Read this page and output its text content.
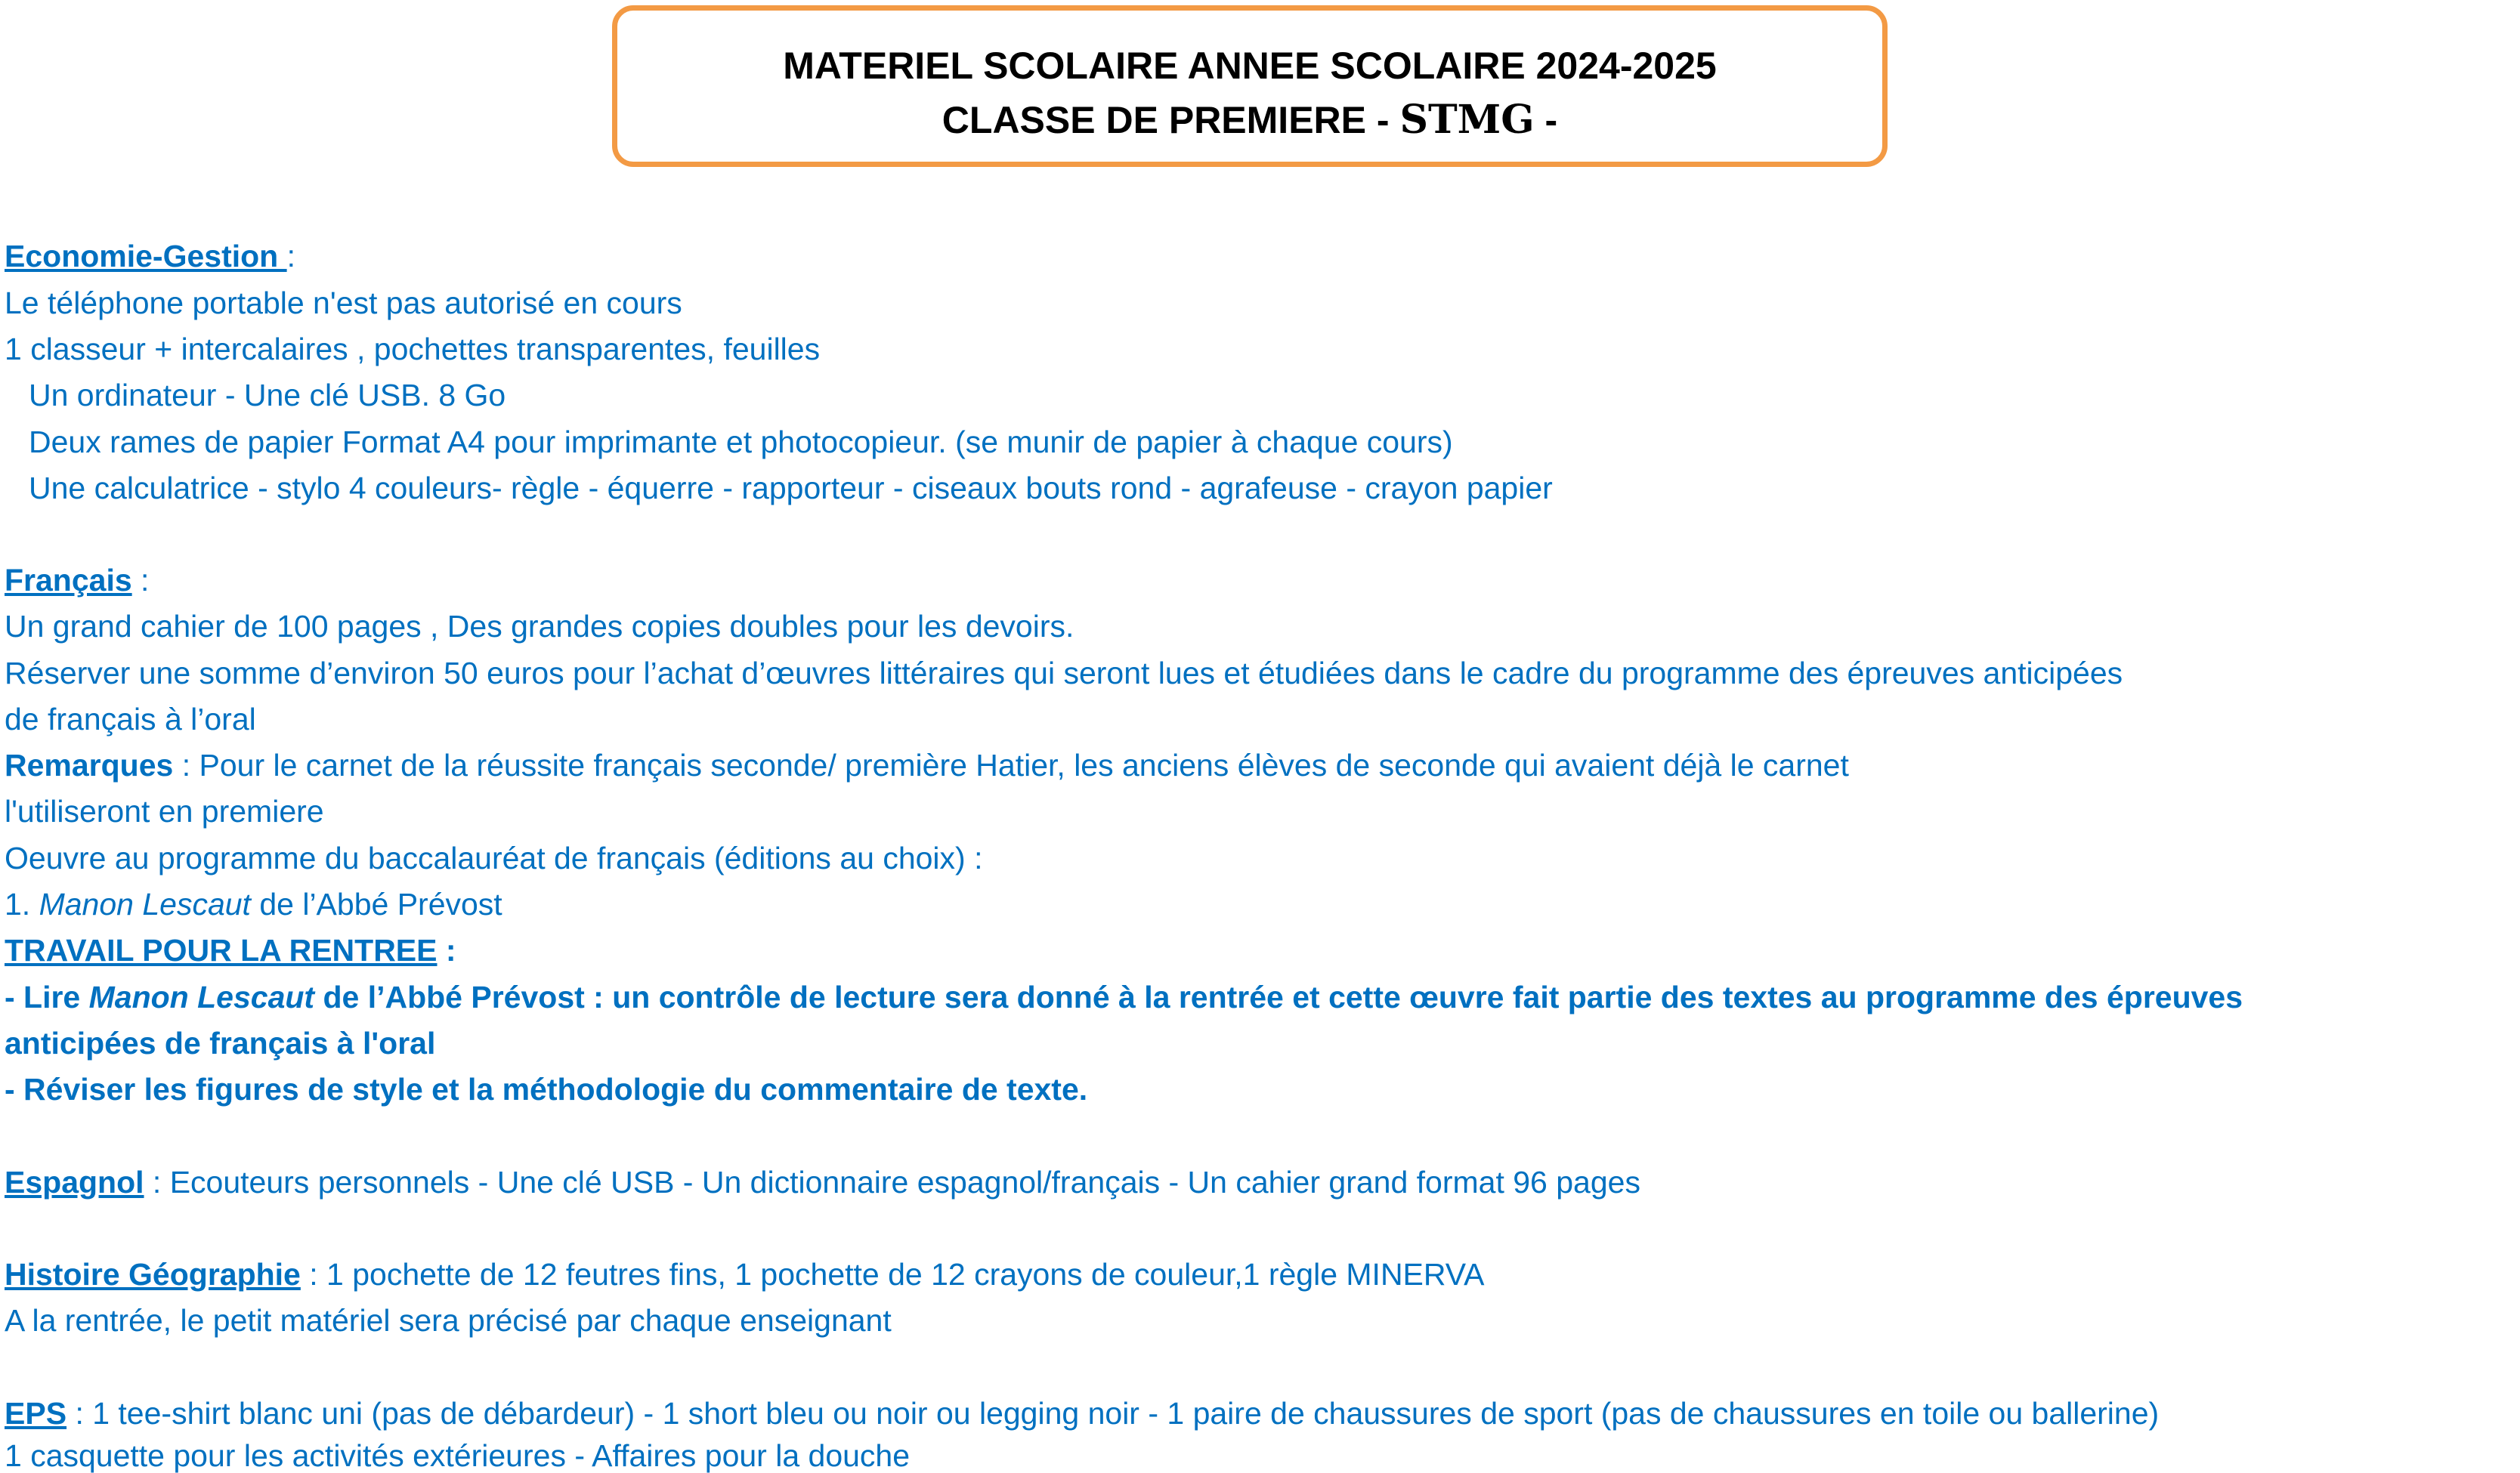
MATERIEL SCOLAIRE ANNEE SCOLAIRE 2024-2025
CLASSE DE PREMIERE - STMG -
Economie-Gestion :
Le téléphone portable n'est pas autorisé en cours
1 classeur + intercalaires , pochettes transparentes, feuilles
Un ordinateur - Une clé USB. 8 Go
Deux rames de papier Format A4 pour imprimante et photocopieur. (se munir de papier à chaque cours)
Une calculatrice - stylo 4 couleurs- règle - équerre - rapporteur - ciseaux bouts rond - agrafeuse - crayon papier
Français :
Un grand cahier de 100 pages , Des grandes copies doubles pour les devoirs.
Réserver une somme d’environ 50 euros pour l’achat d’œuvres littéraires qui seront lues et étudiées dans le cadre du programme des épreuves anticipées
de français à l’oral
Remarques : Pour le carnet de la réussite français seconde/ première Hatier, les anciens élèves de seconde qui avaient déjà le carnet
l'utiliseront en premiere
Oeuvre au programme du baccalauréat de français (éditions au choix) :
1. Manon Lescaut de l’Abbé Prévost
TRAVAIL POUR LA RENTREE :
- Lire Manon Lescaut de l’Abbé Prévost : un contrôle de lecture sera donné à la rentrée et cette œuvre fait partie des textes au programme des épreuves
anticipées de français à l'oral
- Réviser les figures de style et la méthodologie du commentaire de texte.
Espagnol : Ecouteurs personnels - Une clé USB - Un dictionnaire espagnol/français - Un cahier grand format 96 pages
Histoire Géographie : 1 pochette de 12 feutres fins, 1 pochette de 12 crayons de couleur,1 règle MINERVA
A la rentrée, le petit matériel sera précisé par chaque enseignant
EPS : 1 tee-shirt blanc uni (pas de débardeur) - 1 short bleu ou noir ou legging noir - 1 paire de chaussures de sport (pas de chaussures en toile ou ballerine)
1 casquette pour les activités extérieures - Affaires pour la douche
